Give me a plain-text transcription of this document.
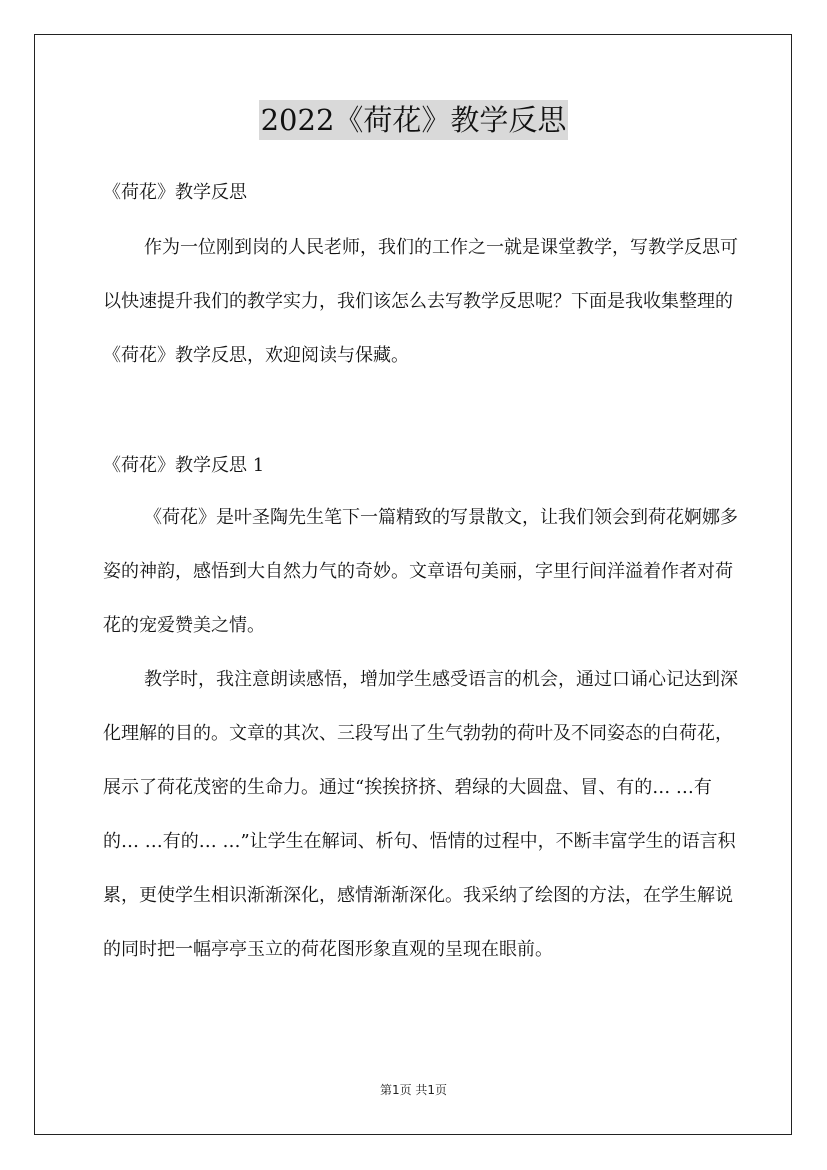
2022《荷花》教学反思
《荷花》教学反思
作为一位刚到岗的人民老师，我们的工作之一就是课堂教学，写教学反思可以快速提升我们的教学实力，我们该怎么去写教学反思呢？下面是我收集整理的《荷花》教学反思，欢迎阅读与保藏。
《荷花》教学反思 1
《荷花》是叶圣陶先生笔下一篇精致的写景散文，让我们领会到荷花婀娜多姿的神韵，感悟到大自然力气的奇妙。文章语句美丽，字里行间洋溢着作者对荷花的宠爱赞美之情。
教学时，我注意朗读感悟，增加学生感受语言的机会，通过口诵心记达到深化理解的目的。文章的其次、三段写出了生气勃勃的荷叶及不同姿态的白荷花，展示了荷花茂密的生命力。通过“挨挨挤挤、碧绿的大圆盘、冒、有的… …有的… …有的… …”让学生在解词、析句、悟情的过程中，不断丰富学生的语言积累，更使学生相识渐渐深化，感情渐渐深化。我采纳了绘图的方法，在学生解说的同时把一幅亭亭玉立的荷花图形象直观的呈现在眼前。
第1页 共1页
